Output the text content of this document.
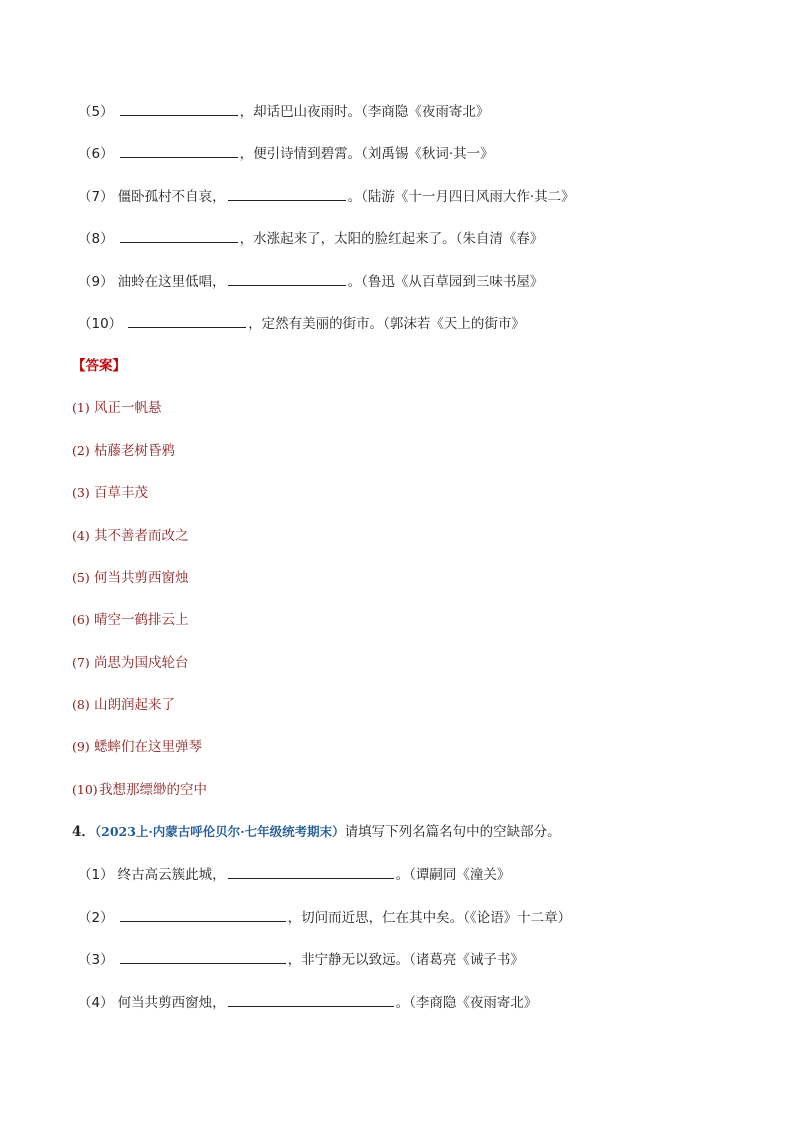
（5）	，却话巴山夜雨时。（李商隐《夜雨寄北》
（6）	，便引诗情到碧霄。（刘禹锡《秋词·其一》
（7） 僵卧孤村不自哀，	。（陆游《十一月四日风雨大作·其二》
（8）	，水涨起来了，太阳的脸红起来了。（朱自清《春》
（9） 油蛉在这里低唱，	。（鲁迅《从百草园到三味书屋》
（10）	，定然有美丽的街市。（郭沫若《天上的街市》
【答案】
(1) 风正一帆悬
(2) 枯藤老树昏鸦
(3) 百草丰茂
(4) 其不善者而改之
(5) 何当共剪西窗烛
(6) 晴空一鹤排云上
(7) 尚思为国戍轮台
(8) 山朗润起来了
(9) 蟋蟀们在这里弹琴
(10)我想那缥缈的空中
4．（2023上·内蒙古呼伦贝尔·七年级统考期末）请填写下列名篇名句中的空缺部分。
（1） 终古高云簇此城，	。（谭嗣同《潼关》
（2）	，切问而近思，仁在其中矣。（《论语》十二章）
（3）	，非宁静无以致远。（诸葛亮《诫子书》
（4） 何当共剪西窗烛，	。（李商隐《夜雨寄北》
